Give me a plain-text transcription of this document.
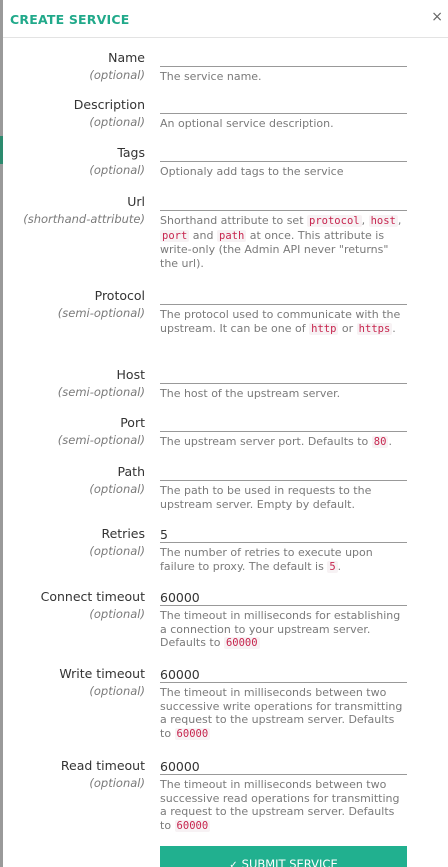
CREATE SERVICE	×
Name
(optional) The service name.
Description
(optional) An optional service description.
Tags
(optional) Optionaly add tags to the service
Url
(shorthand-attribute) Shorthand attribute to set protocol , host , port and path at once. This attribute is write-only (the Admin API never "returns" the url).
Protocol
(semi-optional) The protocol used to communicate with the upstream. It can be one of http or https .
Host
(semi-optional) The host of the upstream server.
Port
(semi-optional) The upstream server port. Defaults to 80 .
Path
(optional) The path to be used in requests to the upstream server. Empty by default.
Retries
(optional)
5 The number of retries to execute upon failure to proxy. The default is 5 .
Connect timeout
(optional)
60000 The timeout in milliseconds for establishing a connection to your upstream server. Defaults to 60000
Write timeout
(optional)
60000 The timeout in milliseconds between two successive write operations for transmitting a request to the upstream server. Defaults to 60000
Read timeout
(optional)
60000 The timeout in milliseconds between two successive read operations for transmitting a request to the upstream server. Defaults to 60000
✓ SUBMIT SERVICE
